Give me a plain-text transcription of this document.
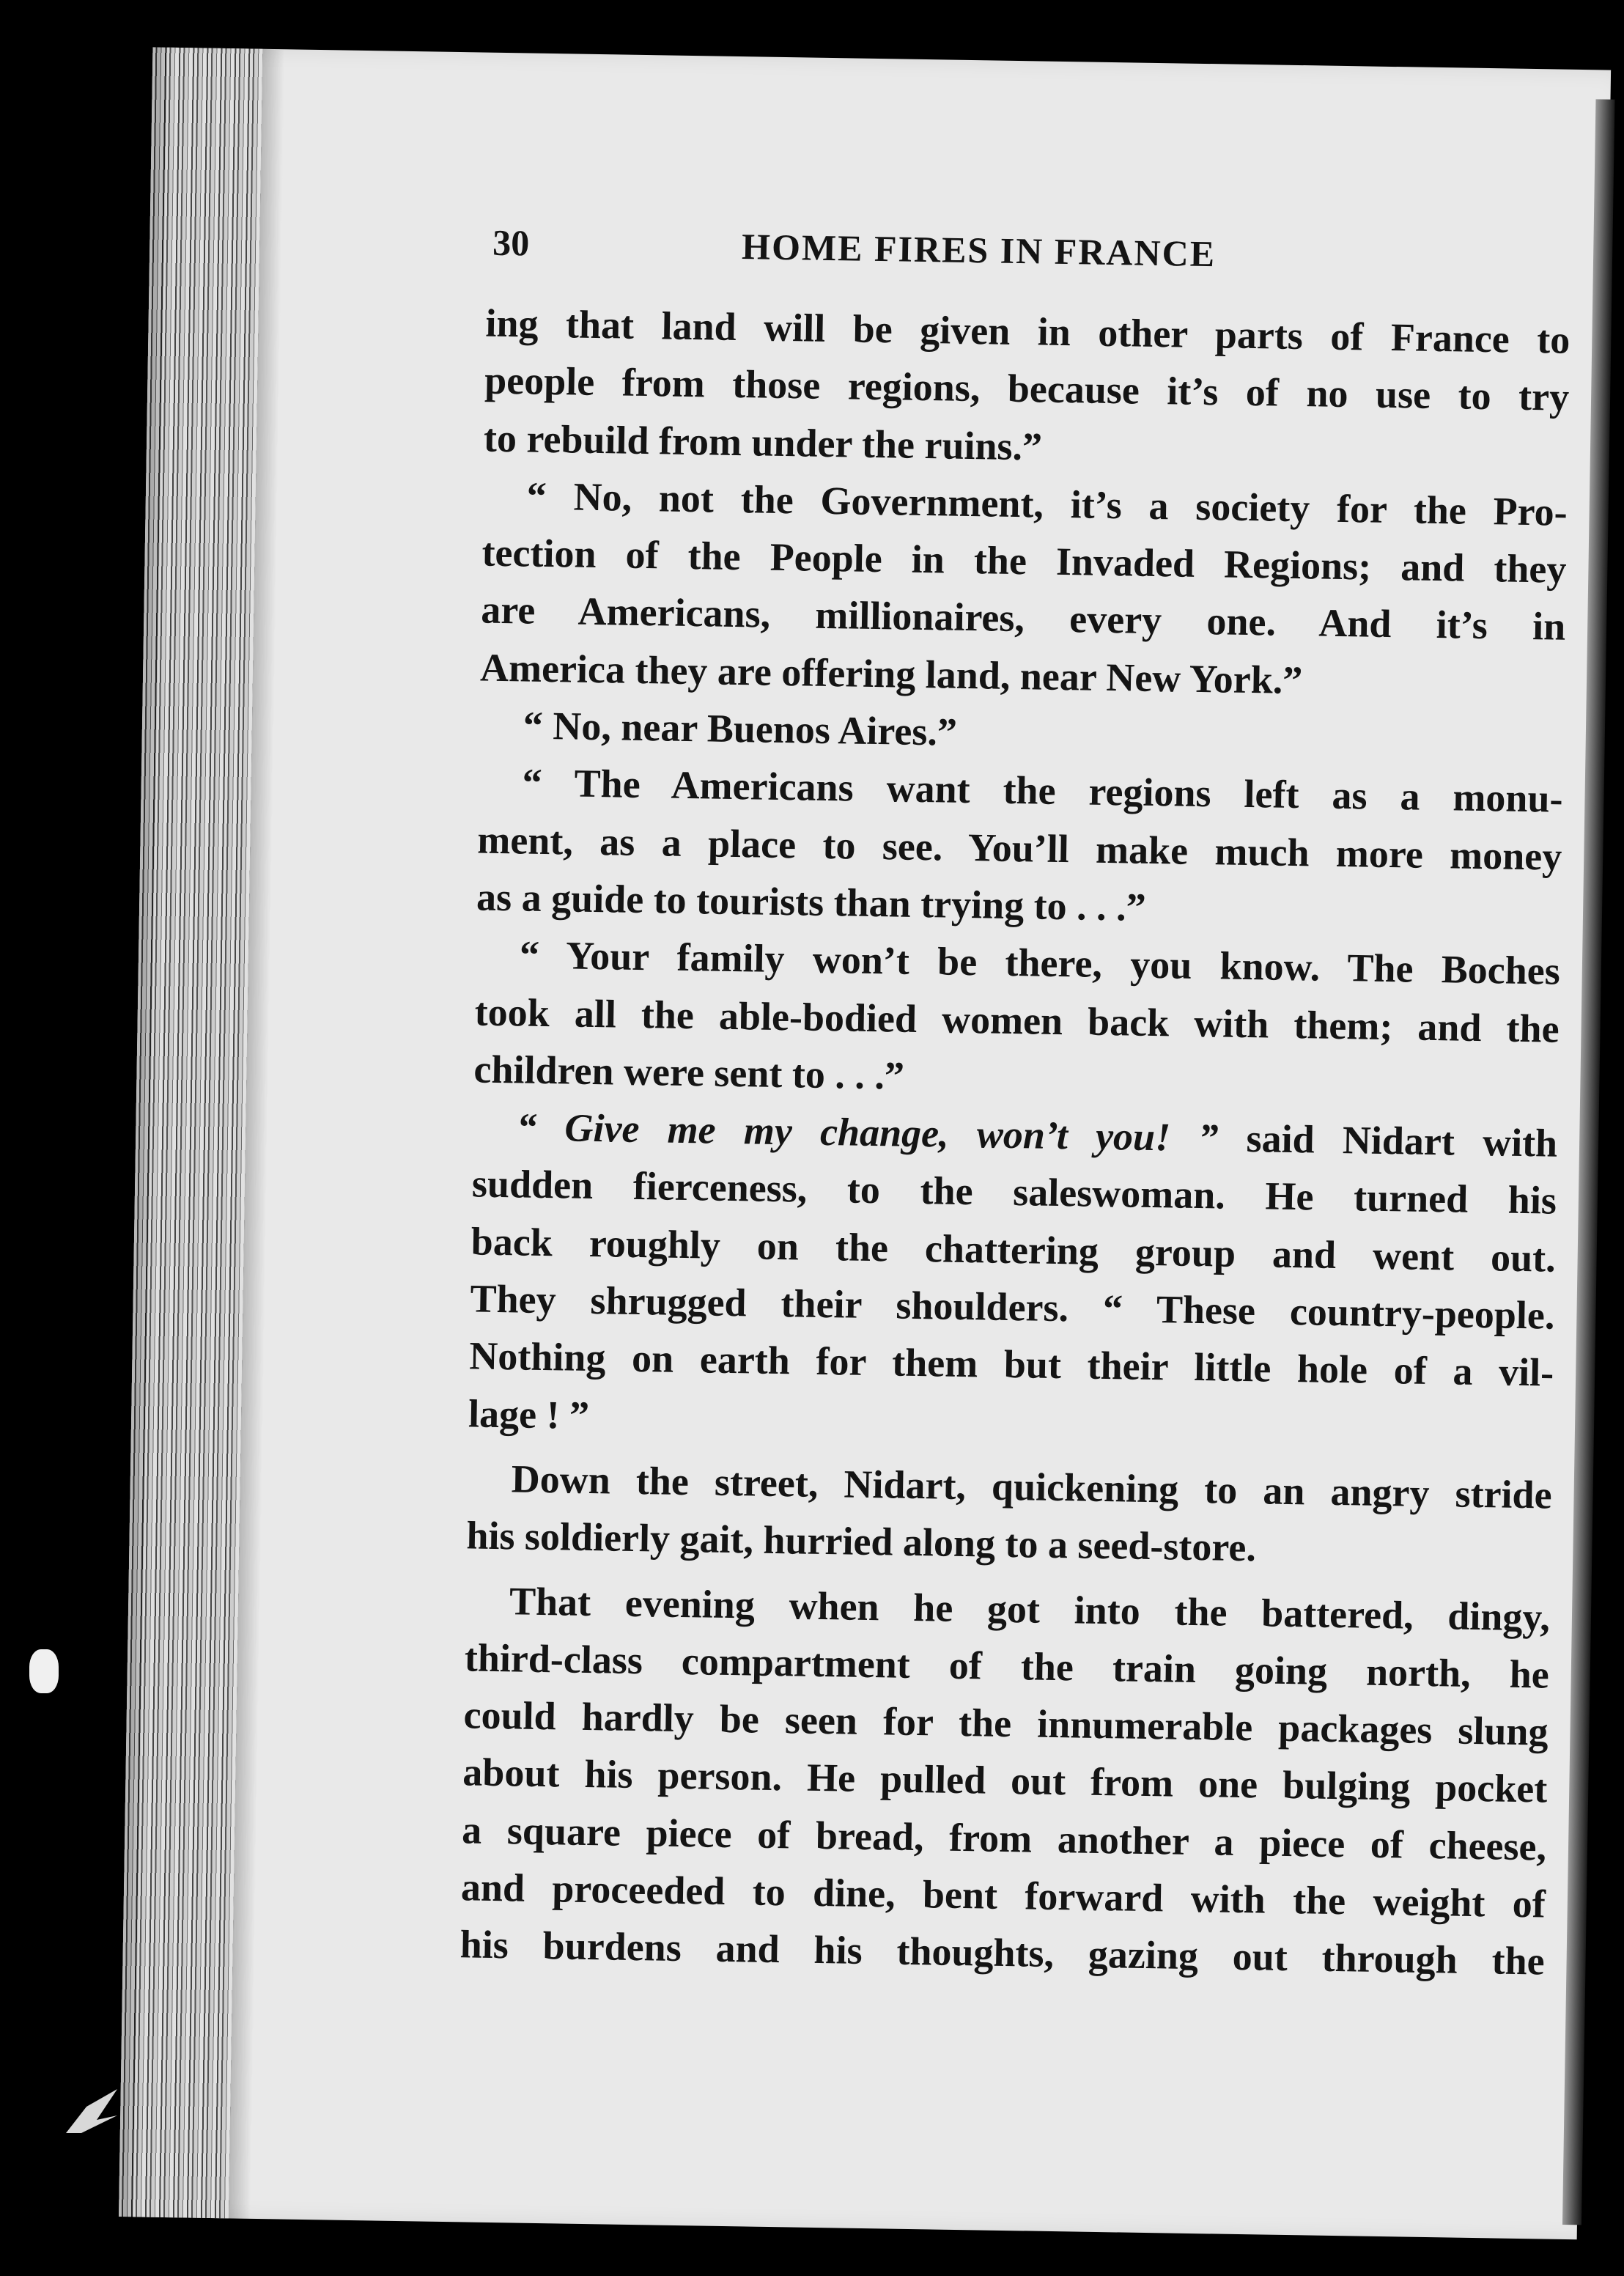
30	HOME FIRES IN FRANCE

ing that land will be given in other parts of France to

people from those regions, because it’s of no use to try

to rebuild from under the ruins.”

“ No, not the Government, it’s a society for the Pro-

tection of the People in the Invaded Regions; and they

are Americans, millionaires, every one. And it’s in

America they are offering land, near New York.”

“ No, near Buenos Aires.”

“ The Americans want the regions left as a monu-

ment, as a place to see. You’ll make much more money

as a guide to tourists than trying to . . .”

“ Your family won’t be there, you know. The Boches

took all the able-bodied women back with them; and the

children were sent to . . .”

“ Give me my change, won’t you! ” said Nidart with

sudden fierceness, to the saleswoman. He turned his

back roughly on the chattering group and went out.

They shrugged their shoulders. “ These country-people.

Nothing on earth for them but their little hole of a vil-

lage ! ”

Down the street, Nidart, quickening to an angry stride

his soldierly gait, hurried along to a seed-store.

That evening when he got into the battered, dingy,

third-class compartment of the train going north, he

could hardly be seen for the innumerable packages slung

about his person. He pulled out from one bulging pocket

a square piece of bread, from another a piece of cheese,

and proceeded to dine, bent forward with the weight of

his burdens and his thoughts, gazing out through the
